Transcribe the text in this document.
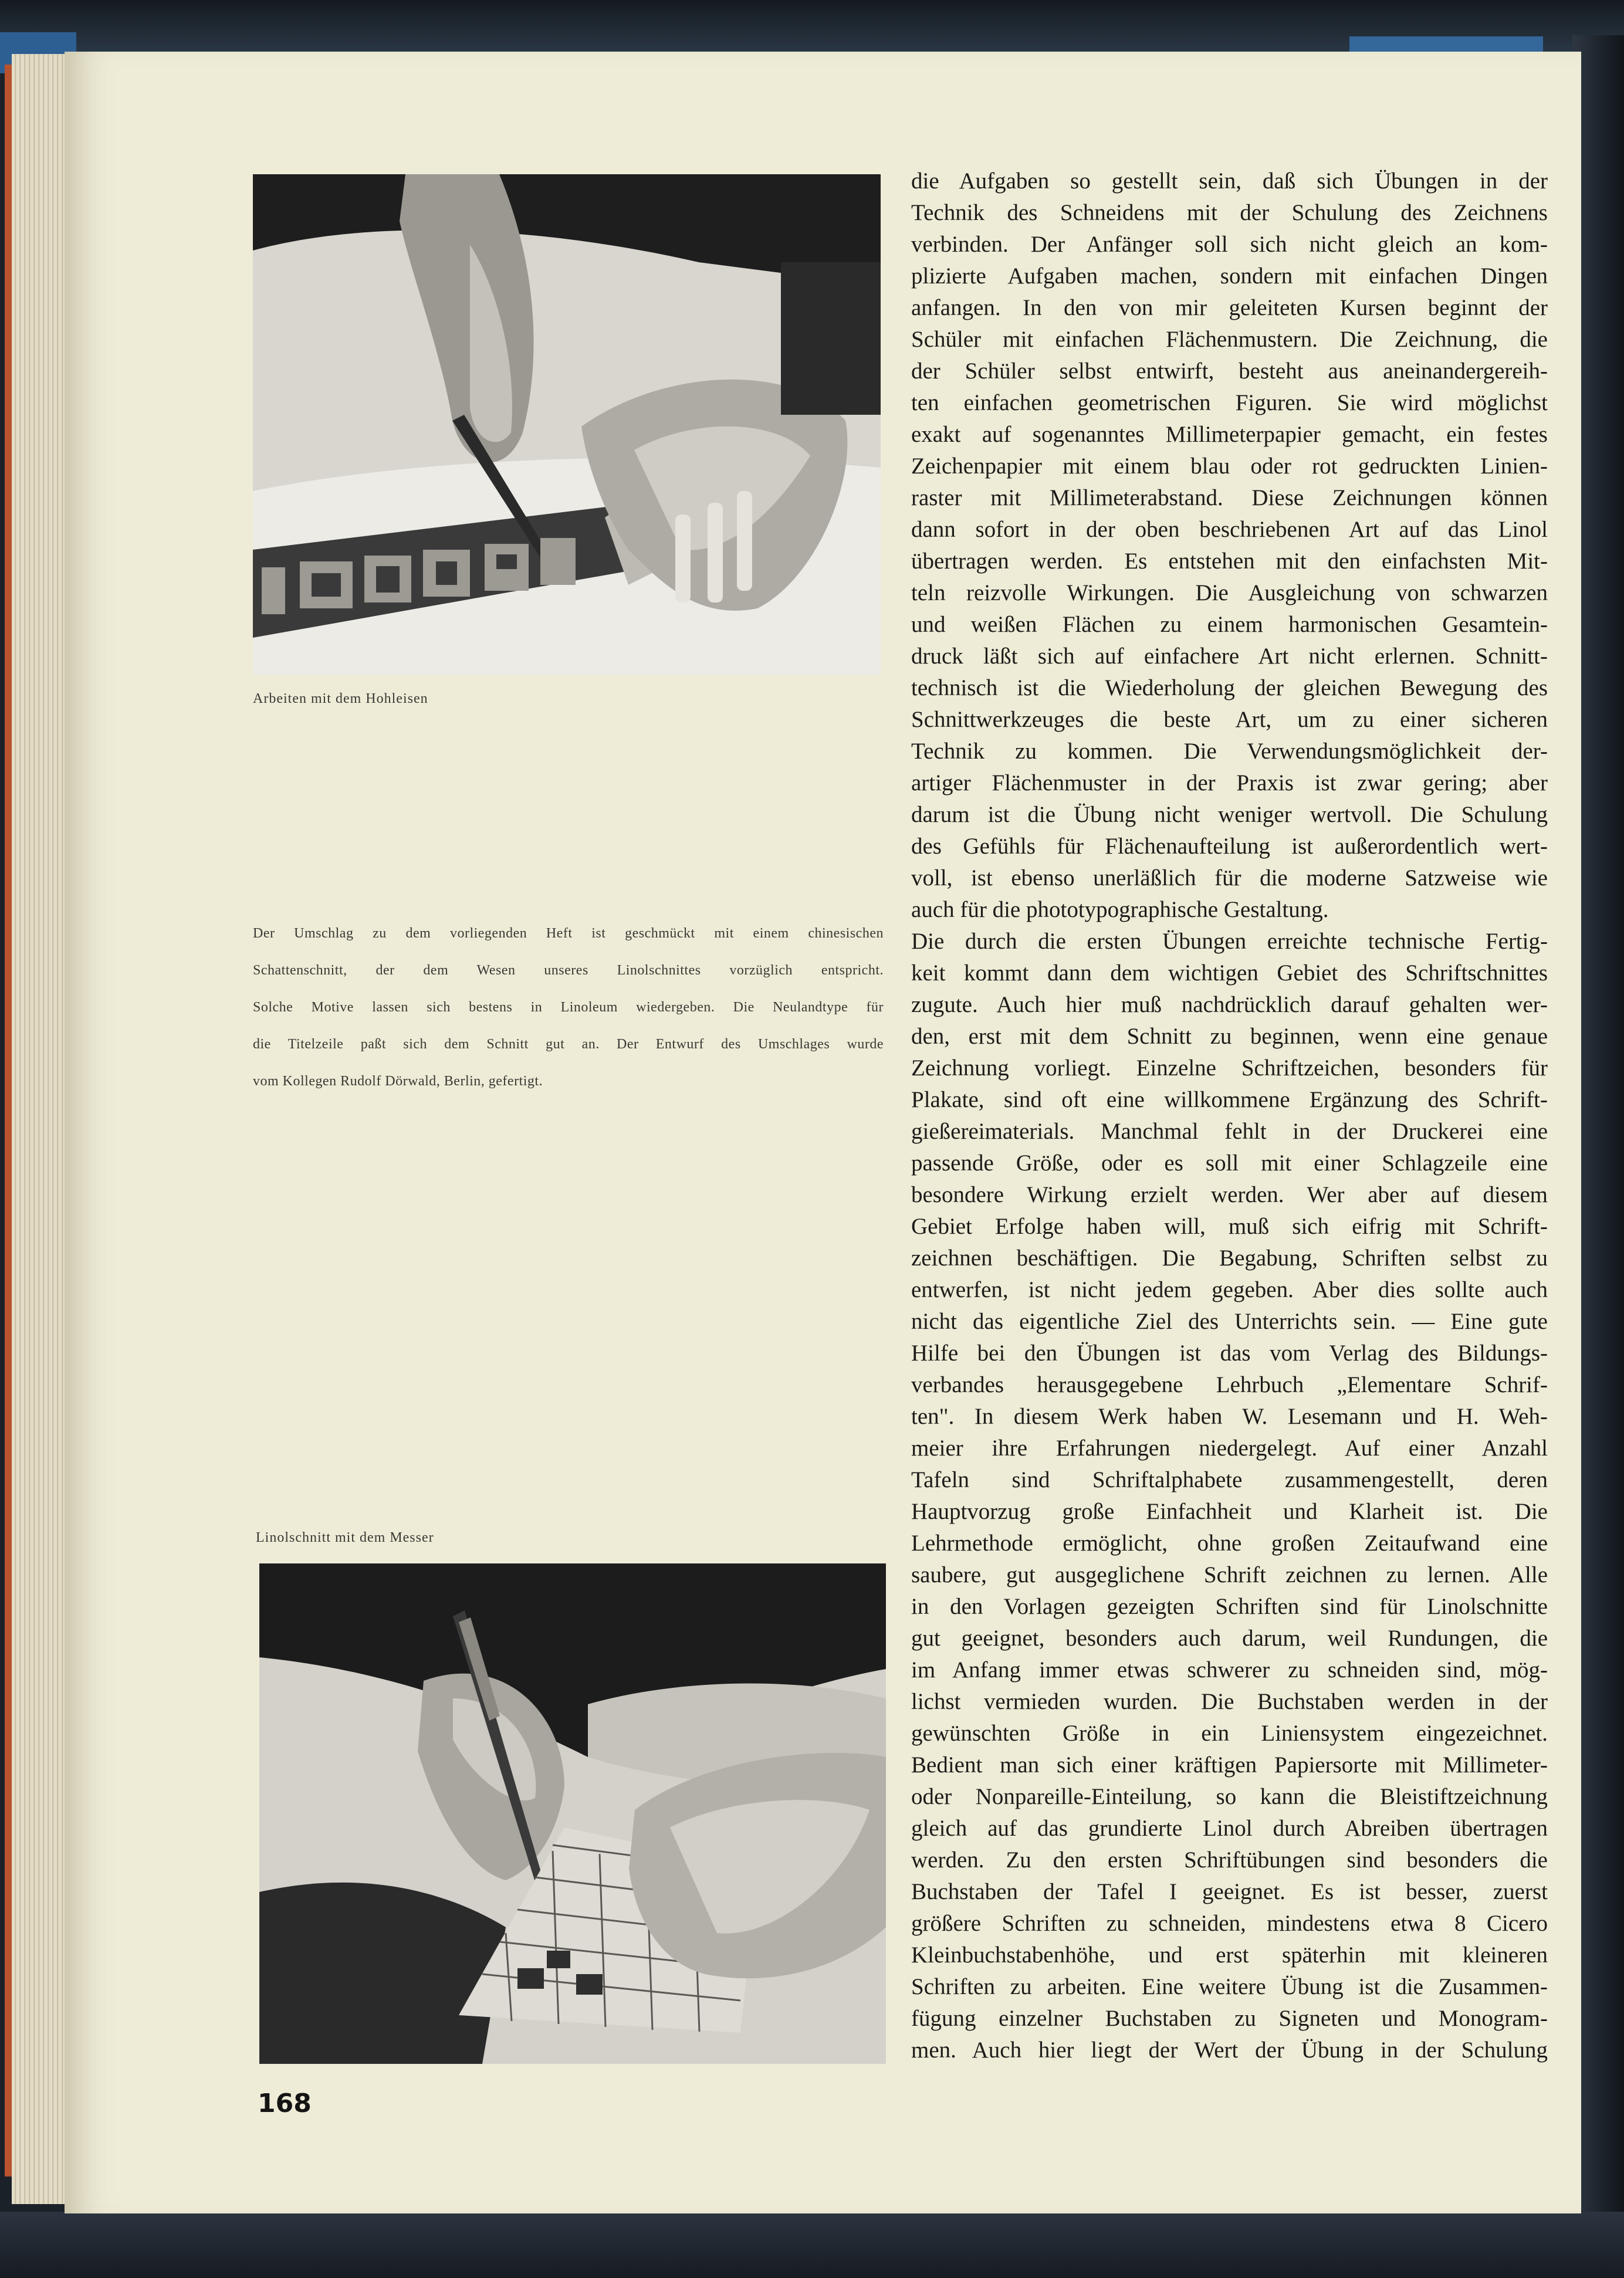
Arbeiten mit dem Hohleisen
Der Umschlag zu dem vorliegenden Heft ist geschmückt mit einem chinesischen
Schattenschnitt, der dem Wesen unseres Linolschnittes vorzüglich entspricht.
Solche Motive lassen sich bestens in Linoleum wiedergeben. Die Neulandtype für
die Titelzeile paßt sich dem Schnitt gut an. Der Entwurf des Umschlages wurde
vom Kollegen Rudolf Dörwald, Berlin, gefertigt.
Linolschnitt mit dem Messer
die Aufgaben so gestellt sein, daß sich Übungen in der
Technik des Schneidens mit der Schulung des Zeichnens
verbinden. Der Anfänger soll sich nicht gleich an kom-
plizierte Aufgaben machen, sondern mit einfachen Dingen
anfangen. In den von mir geleiteten Kursen beginnt der
Schüler mit einfachen Flächenmustern. Die Zeichnung, die
der Schüler selbst entwirft, besteht aus aneinandergereih-
ten einfachen geometrischen Figuren. Sie wird möglichst
exakt auf sogenanntes Millimeterpapier gemacht, ein festes
Zeichenpapier mit einem blau oder rot gedruckten Linien-
raster mit Millimeterabstand. Diese Zeichnungen können
dann sofort in der oben beschriebenen Art auf das Linol
übertragen werden. Es entstehen mit den einfachsten Mit-
teln reizvolle Wirkungen. Die Ausgleichung von schwarzen
und weißen Flächen zu einem harmonischen Gesamtein-
druck läßt sich auf einfachere Art nicht erlernen. Schnitt-
technisch ist die Wiederholung der gleichen Bewegung des
Schnittwerkzeuges die beste Art, um zu einer sicheren
Technik zu kommen. Die Verwendungsmöglichkeit der-
artiger Flächenmuster in der Praxis ist zwar gering; aber
darum ist die Übung nicht weniger wertvoll. Die Schulung
des Gefühls für Flächenaufteilung ist außerordentlich wert-
voll, ist ebenso unerläßlich für die moderne Satzweise wie
auch für die phototypographische Gestaltung.
Die durch die ersten Übungen erreichte technische Fertig-
keit kommt dann dem wichtigen Gebiet des Schriftschnittes
zugute. Auch hier muß nachdrücklich darauf gehalten wer-
den, erst mit dem Schnitt zu beginnen, wenn eine genaue
Zeichnung vorliegt. Einzelne Schriftzeichen, besonders für
Plakate, sind oft eine willkommene Ergänzung des Schrift-
gießereimaterials. Manchmal fehlt in der Druckerei eine
passende Größe, oder es soll mit einer Schlagzeile eine
besondere Wirkung erzielt werden. Wer aber auf diesem
Gebiet Erfolge haben will, muß sich eifrig mit Schrift-
zeichnen beschäftigen. Die Begabung, Schriften selbst zu
entwerfen, ist nicht jedem gegeben. Aber dies sollte auch
nicht das eigentliche Ziel des Unterrichts sein. — Eine gute
Hilfe bei den Übungen ist das vom Verlag des Bildungs-
verbandes herausgegebene Lehrbuch „Elementare Schrif-
ten". In diesem Werk haben W. Lesemann und H. Weh-
meier ihre Erfahrungen niedergelegt. Auf einer Anzahl
Tafeln sind Schriftalphabete zusammengestellt, deren
Hauptvorzug große Einfachheit und Klarheit ist. Die
Lehrmethode ermöglicht, ohne großen Zeitaufwand eine
saubere, gut ausgeglichene Schrift zeichnen zu lernen. Alle
in den Vorlagen gezeigten Schriften sind für Linolschnitte
gut geeignet, besonders auch darum, weil Rundungen, die
im Anfang immer etwas schwerer zu schneiden sind, mög-
lichst vermieden wurden. Die Buchstaben werden in der
gewünschten Größe in ein Liniensystem eingezeichnet.
Bedient man sich einer kräftigen Papiersorte mit Millimeter-
oder Nonpareille-Einteilung, so kann die Bleistiftzeichnung
gleich auf das grundierte Linol durch Abreiben übertragen
werden. Zu den ersten Schriftübungen sind besonders die
Buchstaben der Tafel I geeignet. Es ist besser, zuerst
größere Schriften zu schneiden, mindestens etwa 8 Cicero
Kleinbuchstabenhöhe, und erst späterhin mit kleineren
Schriften zu arbeiten. Eine weitere Übung ist die Zusammen-
fügung einzelner Buchstaben zu Signeten und Monogram-
men. Auch hier liegt der Wert der Übung in der Schulung
168
